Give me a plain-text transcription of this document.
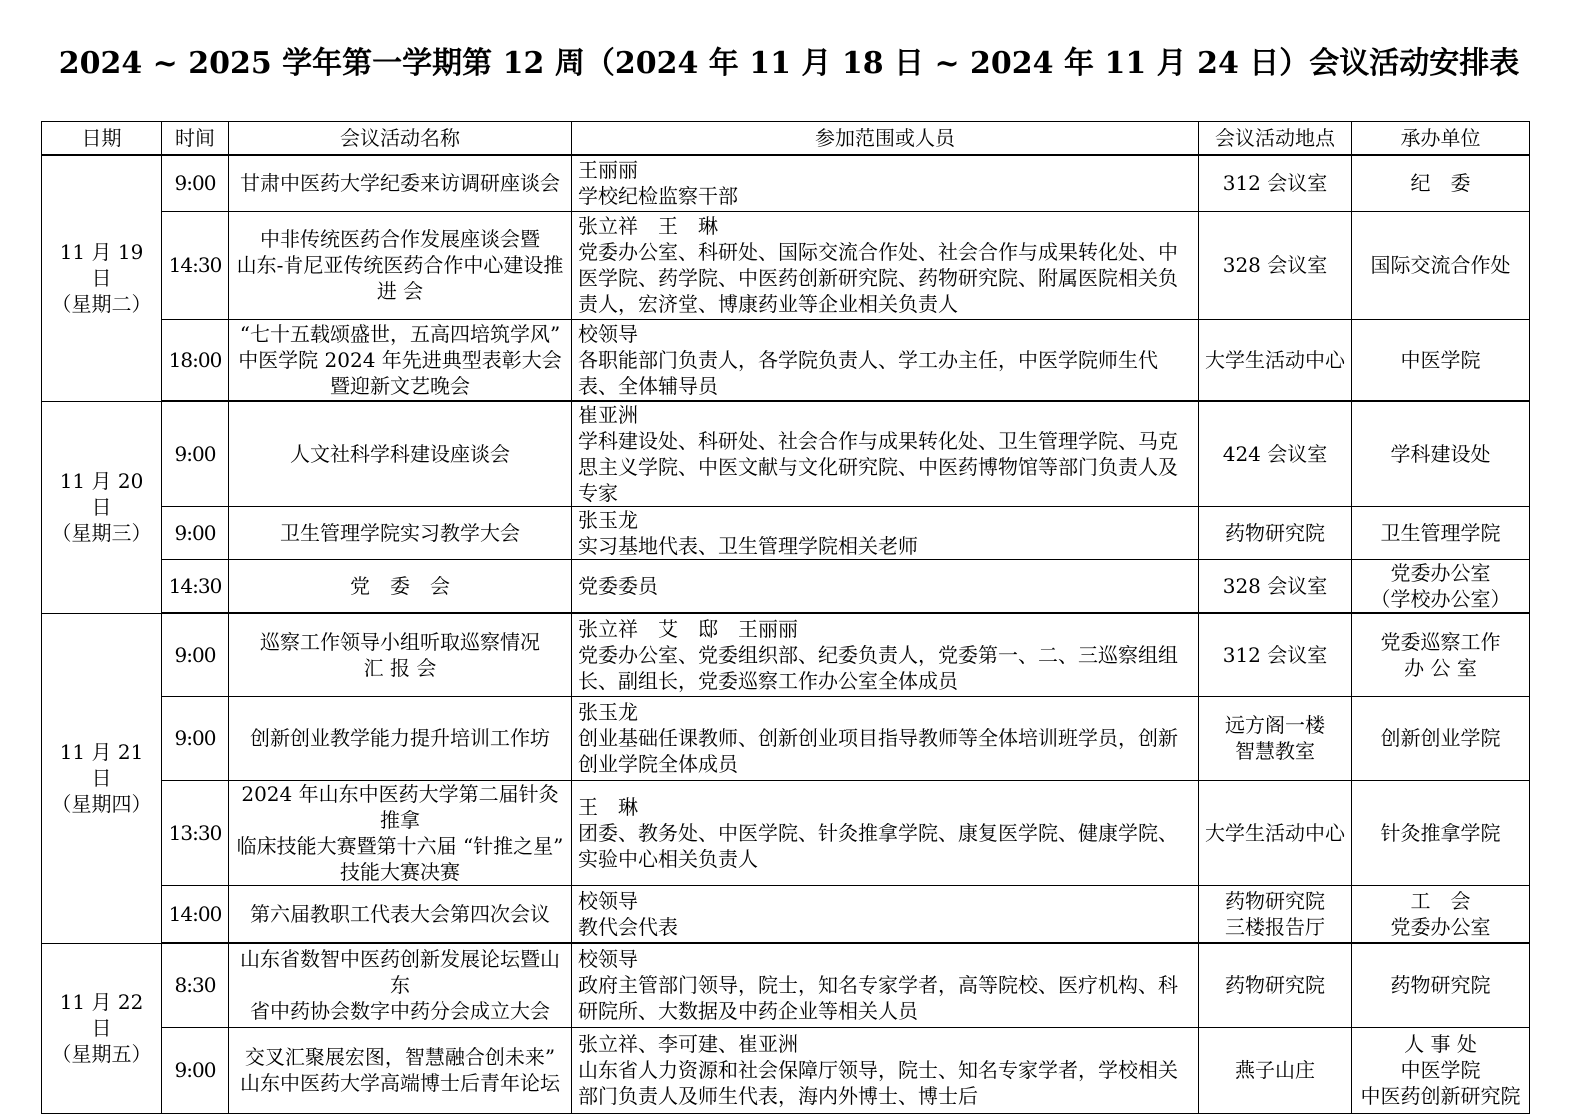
2024 ~ 2025 学年第一学期第 12 周（2024 年 11 月 18 日 ~ 2024 年 11 月 24 日）会议活动安排表
日期	时间	会议活动名称	参加范围或人员	会议活动地点	承办单位
11 月 19 日
（星期二）	9:00	甘肃中医药大学纪委来访调研座谈会	王丽丽
学校纪检监察干部	312 会议室	纪　委
	14:30	中非传统医药合作发展座谈会暨
山东-肯尼亚传统医药合作中心建设推
进 会	张立祥　王　琳
党委办公室、科研处、国际交流合作处、社会合作与成果转化处、中医学院、药学院、中医药创新研究院、药物研究院、附属医院相关负责人，宏济堂、博康药业等企业相关负责人	328 会议室	国际交流合作处
	18:00	“七十五载颂盛世，五高四培筑学风”
中医学院 2024 年先进典型表彰大会
暨迎新文艺晚会	校领导
各职能部门负责人，各学院负责人、学工办主任，中医学院师生代表、全体辅导员	大学生活动中心	中医学院
11 月 20 日
（星期三）	9:00	人文社科学科建设座谈会	崔亚洲
学科建设处、科研处、社会合作与成果转化处、卫生管理学院、马克思主义学院、中医文献与文化研究院、中医药博物馆等部门负责人及专家	424 会议室	学科建设处
	9:00	卫生管理学院实习教学大会	张玉龙
实习基地代表、卫生管理学院相关老师	药物研究院	卫生管理学院
	14:30	党　委　会	党委委员	328 会议室	党委办公室
（学校办公室）
11 月 21 日
（星期四）	9:00	巡察工作领导小组听取巡察情况
汇 报 会	张立祥　艾　邸　王丽丽
党委办公室、党委组织部、纪委负责人，党委第一、二、三巡察组组长、副组长，党委巡察工作办公室全体成员	312 会议室	党委巡察工作
办 公 室
	9:00	创新创业教学能力提升培训工作坊	张玉龙
创业基础任课教师、创新创业项目指导教师等全体培训班学员，创新创业学院全体成员	远方阁一楼
智慧教室	创新创业学院
	13:30	2024 年山东中医药大学第二届针灸推拿
临床技能大赛暨第十六届 “针推之星”
技能大赛决赛	王　琳
团委、教务处、中医学院、针灸推拿学院、康复医学院、健康学院、实验中心相关负责人	大学生活动中心	针灸推拿学院
	14:00	第六届教职工代表大会第四次会议	校领导
教代会代表	药物研究院
三楼报告厅	工　会
党委办公室
11 月 22 日
（星期五）	8:30	山东省数智中医药创新发展论坛暨山东
省中药协会数字中药分会成立大会	校领导
政府主管部门领导，院士，知名专家学者，高等院校、医疗机构、科研院所、大数据及中药企业等相关人员	药物研究院	药物研究院
	9:00	交叉汇聚展宏图，智慧融合创未来”
山东中医药大学高端博士后青年论坛	张立祥、李可建、崔亚洲
山东省人力资源和社会保障厅领导，院士、知名专家学者，学校相关部门负责人及师生代表，海内外博士、博士后	燕子山庄	人 事 处
中医学院
中医药创新研究院
